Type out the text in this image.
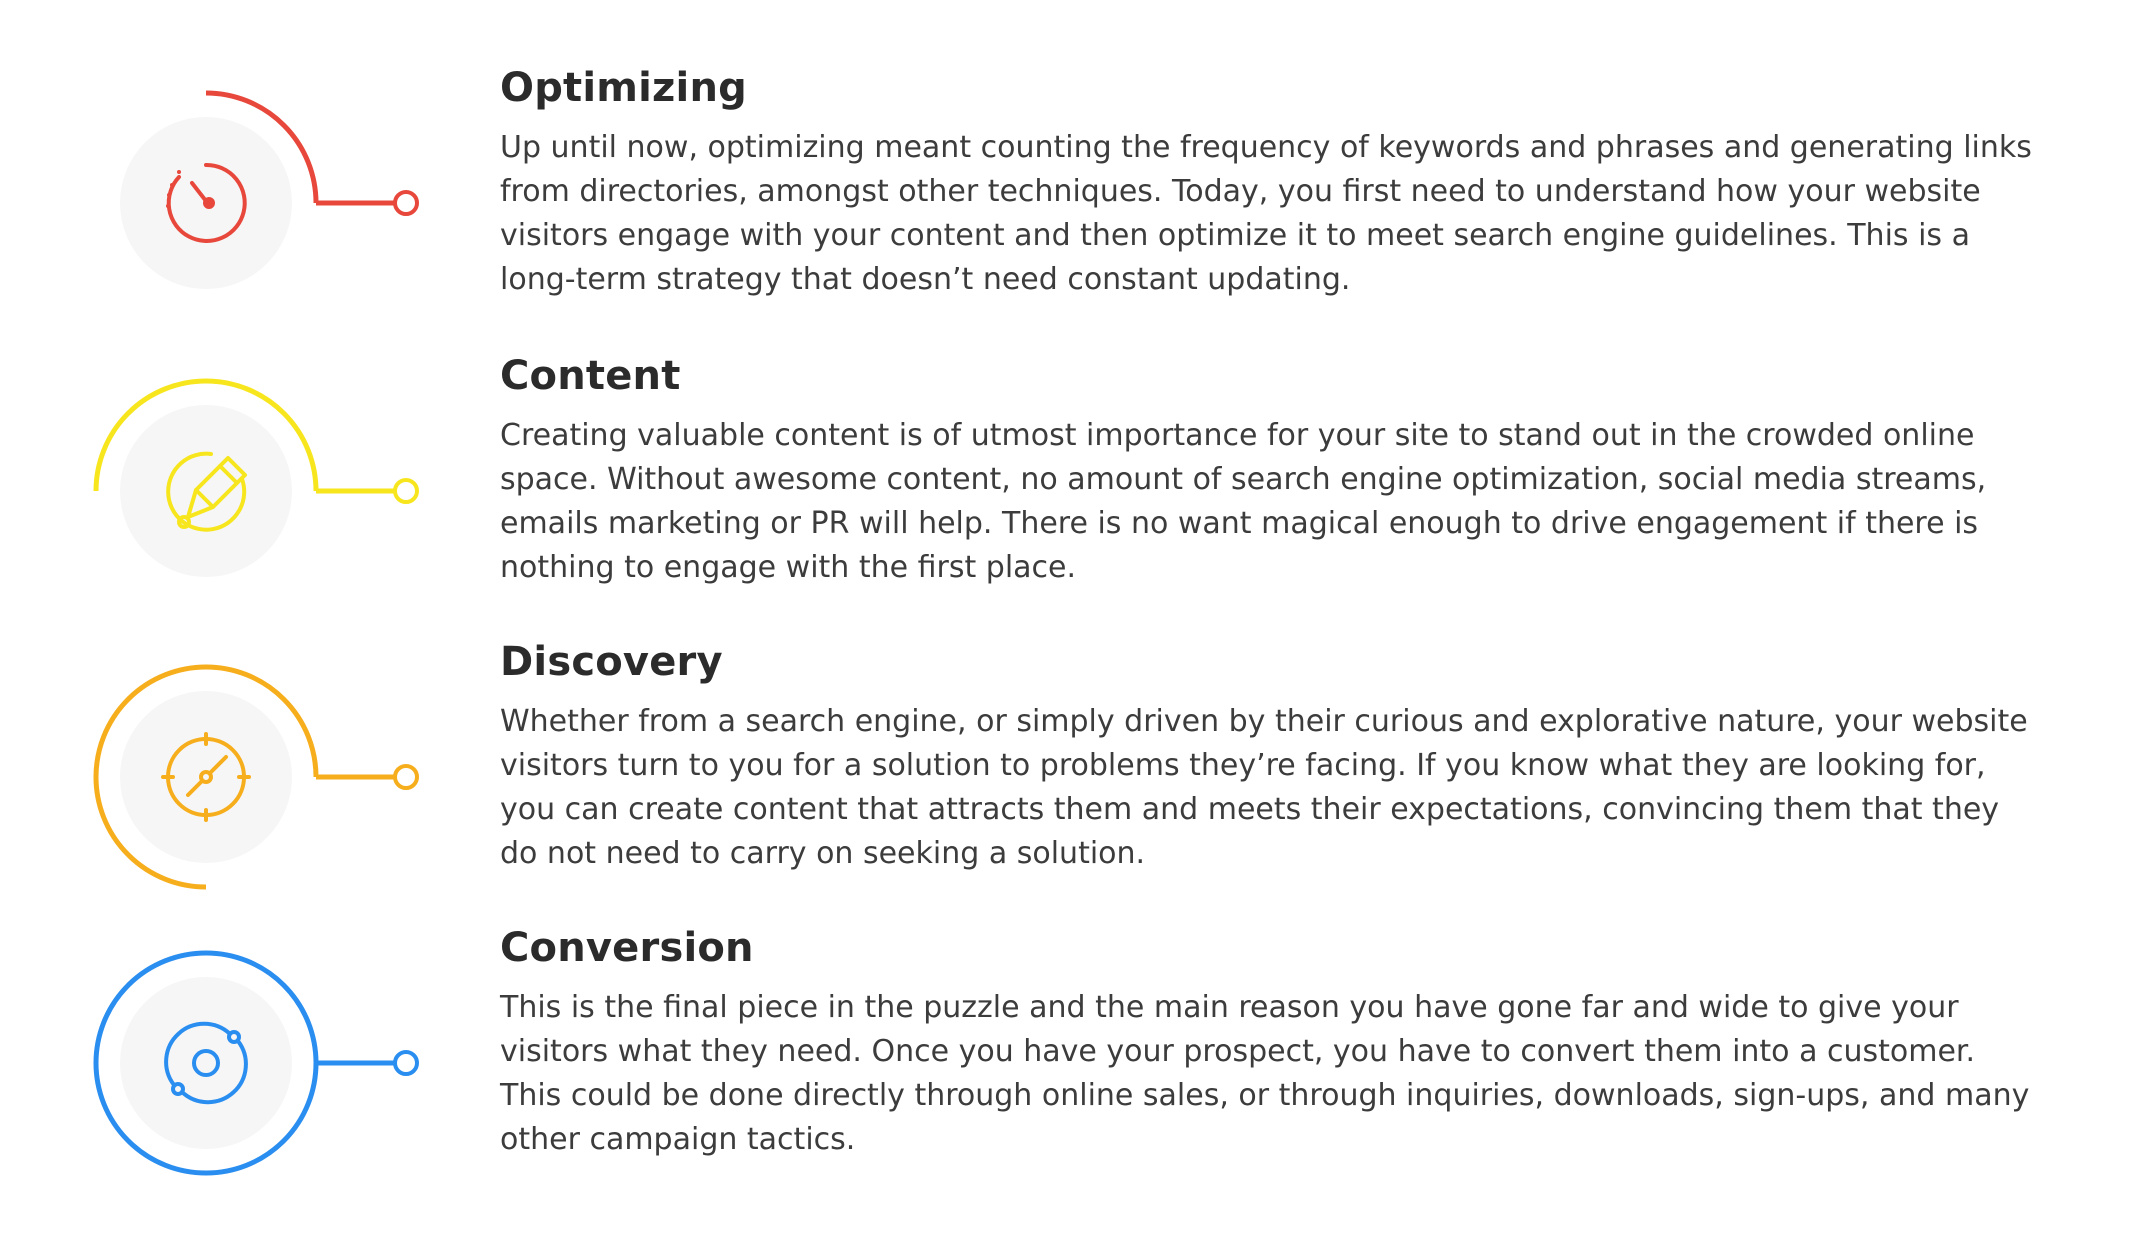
Optimizing

Up until now, optimizing meant counting the frequency of keywords and phrases and generating links from directories, amongst other techniques. Today, you first need to understand how your website visitors engage with your content and then optimize it to meet search engine guidelines. This is a long-term strategy that doesn’t need constant updating.

Content

Creating valuable content is of utmost importance for your site to stand out in the crowded online space. Without awesome content, no amount of search engine optimization, social media streams, emails marketing or PR will help. There is no want magical enough to drive engagement if there is nothing to engage with the first place.

Discovery

Whether from a search engine, or simply driven by their curious and explorative nature, your website visitors turn to you for a solution to problems they’re facing. If you know what they are looking for, you can create content that attracts them and meets their expectations, convincing them that they do not need to carry on seeking a solution.

Conversion

This is the final piece in the puzzle and the main reason you have gone far and wide to give your visitors what they need. Once you have your prospect, you have to convert them into a customer. This could be done directly through online sales, or through inquiries, downloads, sign-ups, and many other campaign tactics.
